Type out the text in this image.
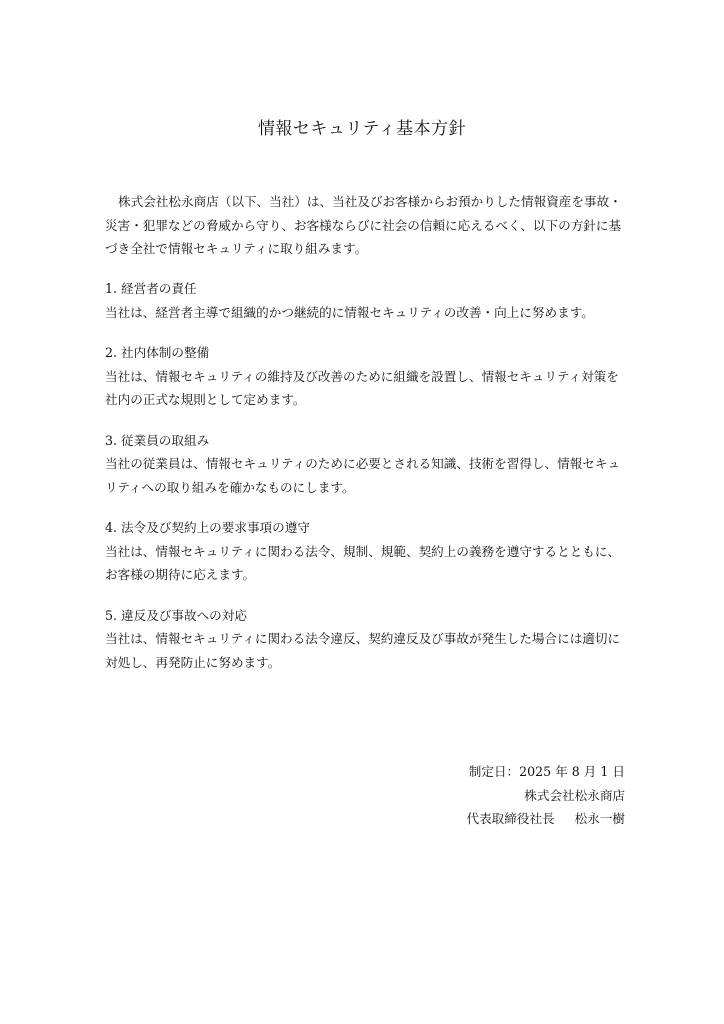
情報セキュリティ基本方針

株式会社松永商店（以下、当社）は、当社及びお客様からお預かりした情報資産を事故・災害・犯罪などの脅威から守り、お客様ならびに社会の信頼に応えるべく、以下の方針に基づき全社で情報セキュリティに取り組みます。

1. 経営者の責任

当社は、経営者主導で組織的かつ継続的に情報セキュリティの改善・向上に努めます。

2. 社内体制の整備

当社は、情報セキュリティの維持及び改善のために組織を設置し、情報セキュリティ対策を社内の正式な規則として定めます。

3. 従業員の取組み

当社の従業員は、情報セキュリティのために必要とされる知識、技術を習得し、情報セキュリティへの取り組みを確かなものにします。

4. 法令及び契約上の要求事項の遵守

当社は、情報セキュリティに関わる法令、規制、規範、契約上の義務を遵守するとともに、お客様の期待に応えます。

5. 違反及び事故への対応

当社は、情報セキュリティに関わる法令違反、契約違反及び事故が発生した場合には適切に対処し、再発防止に努めます。

制定日：2025 年 8 月 1 日
株式会社松永商店
代表取締役社長 松永一樹
